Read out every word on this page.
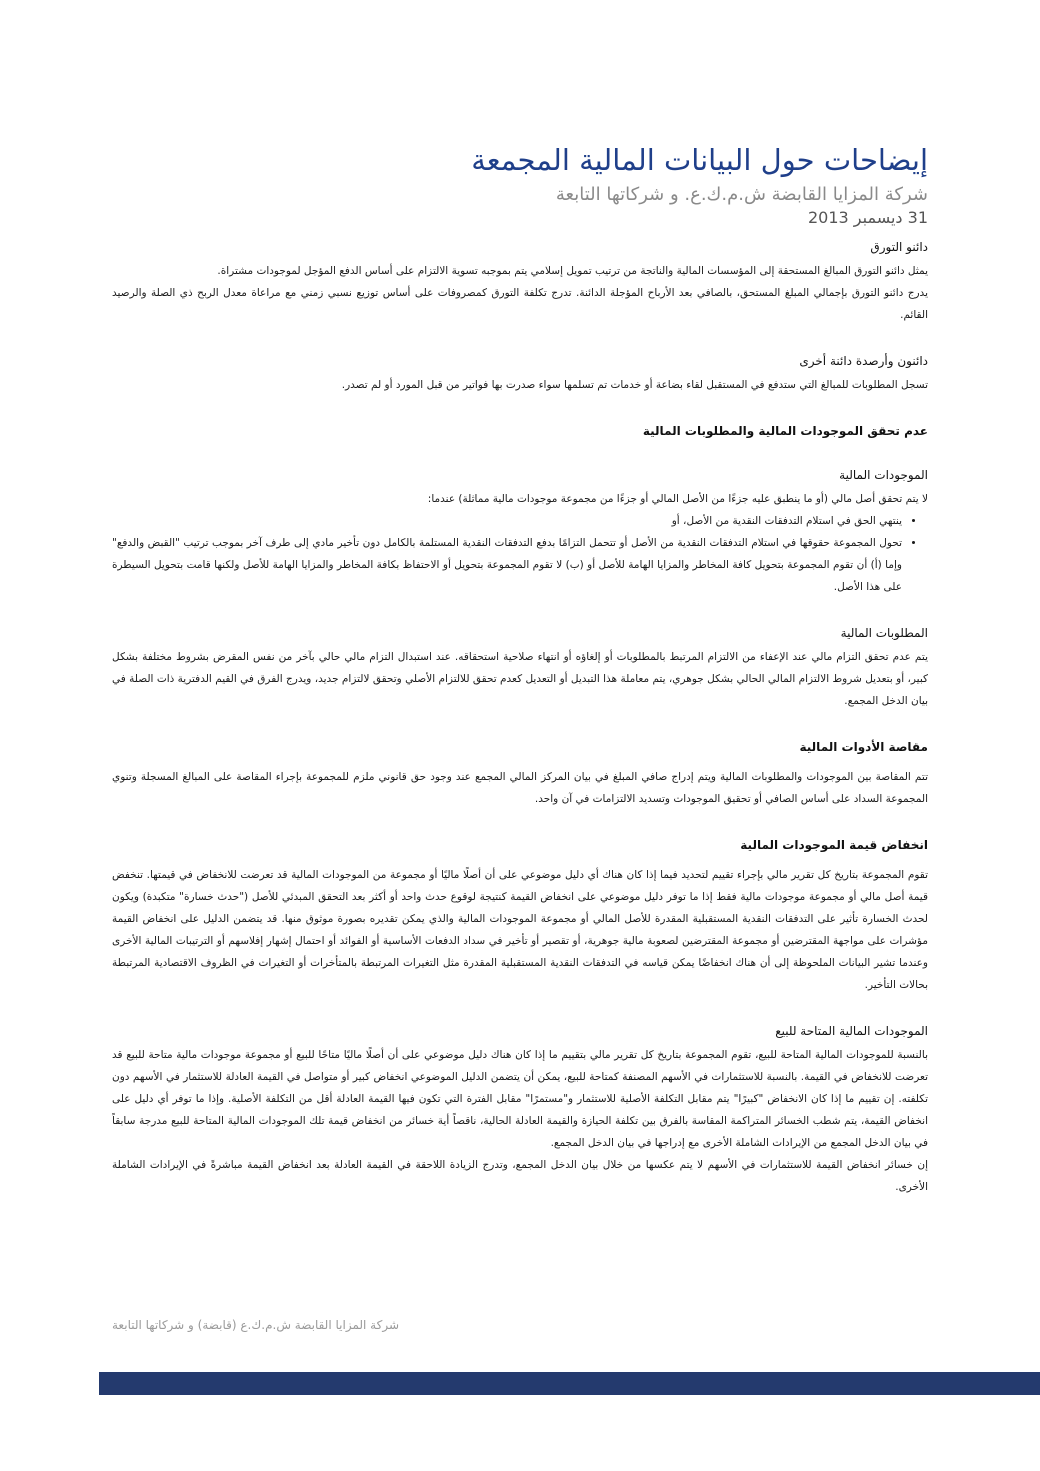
إيضاحات حول البيانات المالية المجمعة

شركة المزايا القابضة ش.م.ك.ع. و شركاتها التابعة

31 ديسمبر 2013

دائنو التورق

يمثل دائنو التورق المبالغ المستحقة إلى المؤسسات المالية والناتجة من ترتيب تمويل إسلامي يتم بموجبه تسوية الالتزام على أساس الدفع المؤجل لموجودات مشتراة.

يدرج دائنو التورق بإجمالي المبلغ المستحق، بالصافي بعد الأرباح المؤجلة الدائنة. تدرج تكلفة التورق كمصروفات على أساس توزيع نسبي زمني مع مراعاة معدل الربح ذي الصلة والرصيد القائم.

دائنون وأرصدة دائنة أخرى

تسجل المطلوبات للمبالغ التي ستدفع في المستقبل لقاء بضاعة أو خدمات تم تسلمها سواء صدرت بها فواتير من قبل المورد أو لم تصدر.

عدم تحقق الموجودات المالية والمطلوبات المالية
الموجودات المالية

لا يتم تحقق أصل مالي (أو ما ينطبق عليه جزءًا من الأصل المالي أو جزءًا من مجموعة موجودات مالية مماثلة) عندما:

• ينتهي الحق في استلام التدفقات النقدية من الأصل، أو
• تحول المجموعة حقوقها في استلام التدفقات النقدية من الأصل أو تتحمل التزامًا بدفع التدفقات النقدية المستلمة بالكامل دون تأخير مادي إلى طرف آخر بموجب ترتيب "القبض والدفع" وإما (أ) أن تقوم المجموعة بتحويل كافة المخاطر والمزايا الهامة للأصل أو (ب) لا تقوم المجموعة بتحويل أو الاحتفاظ بكافة المخاطر والمزايا الهامة للأصل ولكنها قامت بتحويل السيطرة على هذا الأصل.
المطلوبات المالية

يتم عدم تحقق التزام مالي عند الإعفاء من الالتزام المرتبط بالمطلوبات أو إلغاؤه أو انتهاء صلاحية استحقاقه. عند استبدال التزام مالي حالي بآخر من نفس المقرض بشروط مختلفة بشكل كبير، أو بتعديل شروط الالتزام المالي الحالي بشكل جوهري، يتم معاملة هذا التبديل أو التعديل كعدم تحقق للالتزام الأصلي وتحقق لالتزام جديد، ويدرج الفرق في القيم الدفترية ذات الصلة في بيان الدخل المجمع.

مقاصة الأدوات المالية

تتم المقاصة بين الموجودات والمطلوبات المالية ويتم إدراج صافي المبلغ في بيان المركز المالي المجمع عند وجود حق قانوني ملزم للمجموعة بإجراء المقاصة على المبالغ المسجلة وتنوي المجموعة السداد على أساس الصافي أو تحقيق الموجودات وتسديد الالتزامات في آن واحد.

انخفاض قيمة الموجودات المالية

تقوم المجموعة بتاريخ كل تقرير مالي بإجراء تقييم لتحديد فيما إذا كان هناك أي دليل موضوعي على أن أصلًا ماليًا أو مجموعة من الموجودات المالية قد تعرضت للانخفاض في قيمتها. تنخفض قيمة أصل مالي أو مجموعة موجودات مالية فقط إذا ما توفر دليل موضوعي على انخفاض القيمة كنتيجة لوقوع حدث واحد أو أكثر بعد التحقق المبدئي للأصل ("حدث خسارة" متكبدة) ويكون لحدث الخسارة تأثير على التدفقات النقدية المستقبلية المقدرة للأصل المالي أو مجموعة الموجودات المالية والذي يمكن تقديره بصورة موثوق منها. قد يتضمن الدليل على انخفاض القيمة مؤشرات على مواجهة المقترضين أو مجموعة المقترضين لصعوبة مالية جوهرية، أو تقصير أو تأخير في سداد الدفعات الأساسية أو الفوائد أو احتمال إشهار إفلاسهم أو الترتيبات المالية الأخرى وعندما تشير البيانات الملحوظة إلى أن هناك انخفاضًا يمكن قياسه في التدفقات النقدية المستقبلية المقدرة مثل التغيرات المرتبطة بالمتأخرات أو التغيرات في الظروف الاقتصادية المرتبطة بحالات التأخير.

الموجودات المالية المتاحة للبيع

بالنسبة للموجودات المالية المتاحة للبيع، تقوم المجموعة بتاريخ كل تقرير مالي بتقييم ما إذا كان هناك دليل موضوعي على أن أصلًا ماليًا متاحًا للبيع أو مجموعة موجودات مالية متاحة للبيع قد تعرضت للانخفاض في القيمة. بالنسبة للاستثمارات في الأسهم المصنفة كمتاحة للبيع، يمكن أن يتضمن الدليل الموضوعي انخفاض كبير أو متواصل في القيمة العادلة للاستثمار في الأسهم دون تكلفته. إن تقييم ما إذا كان الانخفاض "كبيرًا" يتم مقابل التكلفة الأصلية للاستثمار و"مستمرًا" مقابل الفترة التي تكون فيها القيمة العادلة أقل من التكلفة الأصلية. وإذا ما توفر أي دليل على انخفاض القيمة، يتم شطب الخسائر المتراكمة المقاسة بالفرق بين تكلفة الحيازة والقيمة العادلة الحالية، ناقصاً أية خسائر من انخفاض قيمة تلك الموجودات المالية المتاحة للبيع مدرجة سابقاً في بيان الدخل المجمع من الإيرادات الشاملة الأخرى مع إدراجها في بيان الدخل المجمع.

إن خسائر انخفاض القيمة للاستثمارات في الأسهم لا يتم عكسها من خلال بيان الدخل المجمع، وتدرج الزيادة اللاحقة في القيمة العادلة بعد انخفاض القيمة مباشرةً في الإيرادات الشاملة الأخرى.

شركة المزايا القابضة ش.م.ك.ع (قابضة) و شركاتها التابعة
